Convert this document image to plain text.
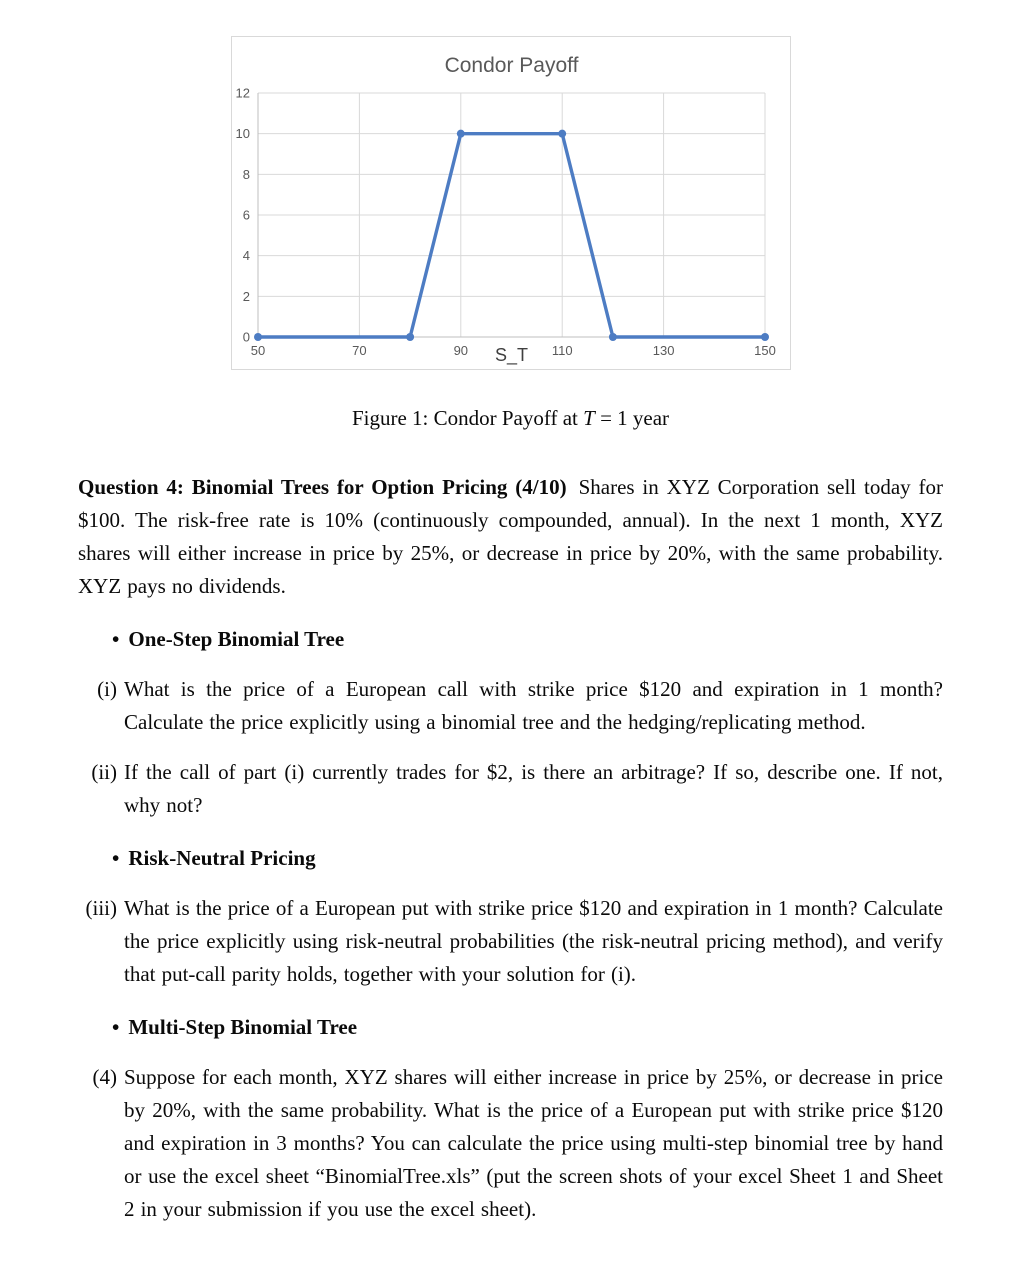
0
2
4
6
8
10
12
50	70	90	110	130	150
S_T
Condor Payoff
Figure 1: Condor Payoff at T = 1 year

Question 4: Binomial Trees for Option Pricing (4/10) Shares in XYZ Corporation sell today for $100. The risk-free rate is 10% (continuously compounded, annual). In the next 1 month, XYZ shares will either increase in price by 25%, or decrease in price by 20%, with the same probability. XYZ pays no dividends.

• One-Step Binomial Tree
(i) What is the price of a European call with strike price $120 and expiration in 1 month? Calculate the price explicitly using a binomial tree and the hedging/replicating method.
(ii) If the call of part (i) currently trades for $2, is there an arbitrage? If so, describe one. If not, why not?
• Risk-Neutral Pricing
(iii) What is the price of a European put with strike price $120 and expiration in 1 month? Calculate the price explicitly using risk-neutral probabilities (the risk-neutral pricing method), and verify that put-call parity holds, together with your solution for (i).
• Multi-Step Binomial Tree
(4) Suppose for each month, XYZ shares will either increase in price by 25%, or decrease in price by 20%, with the same probability. What is the price of a European put with strike price $120 and expiration in 3 months? You can calculate the price using multi-step binomial tree by hand or use the excel sheet “BinomialTree.xls” (put the screen shots of your excel Sheet 1 and Sheet 2 in your submission if you use the excel sheet).
